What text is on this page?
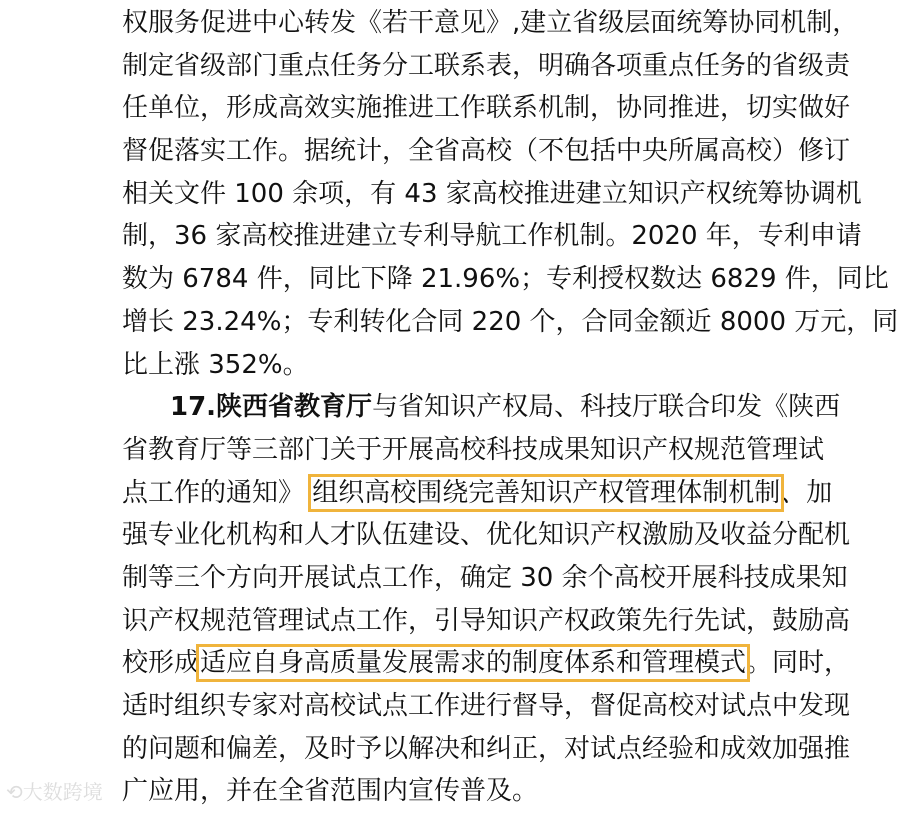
权服务促进中心转发《若干意见》,建立省级层面统筹协同机制，
制定省级部门重点任务分工联系表，明确各项重点任务的省级责
任单位，形成高效实施推进工作联系机制，协同推进，切实做好
督促落实工作。据统计，全省高校（不包括中央所属高校）修订
相关文件 100 余项，有 43 家高校推进建立知识产权统筹协调机
制，36 家高校推进建立专利导航工作机制。2020 年，专利申请
数为 6784 件，同比下降 21.96%；专利授权数达 6829 件，同比
增长 23.24%；专利转化合同 220 个，合同金额近 8000 万元，同
比上涨 352%。
17.陕西省教育厅与省知识产权局、科技厅联合印发《陕西
省教育厅等三部门关于开展高校科技成果知识产权规范管理试
点工作的通知》 组织高校围绕完善知识产权管理体制机制、加
强专业化机构和人才队伍建设、优化知识产权激励及收益分配机
制等三个方向开展试点工作，确定 30 余个高校开展科技成果知
识产权规范管理试点工作，引导知识产权政策先行先试，鼓励高
校形成适应自身高质量发展需求的制度体系和管理模式。同时，
适时组织专家对高校试点工作进行督导，督促高校对试点中发现
的问题和偏差，及时予以解决和纠正，对试点经验和成效加强推
广应用，并在全省范围内宣传普及。
⟲大数跨境
